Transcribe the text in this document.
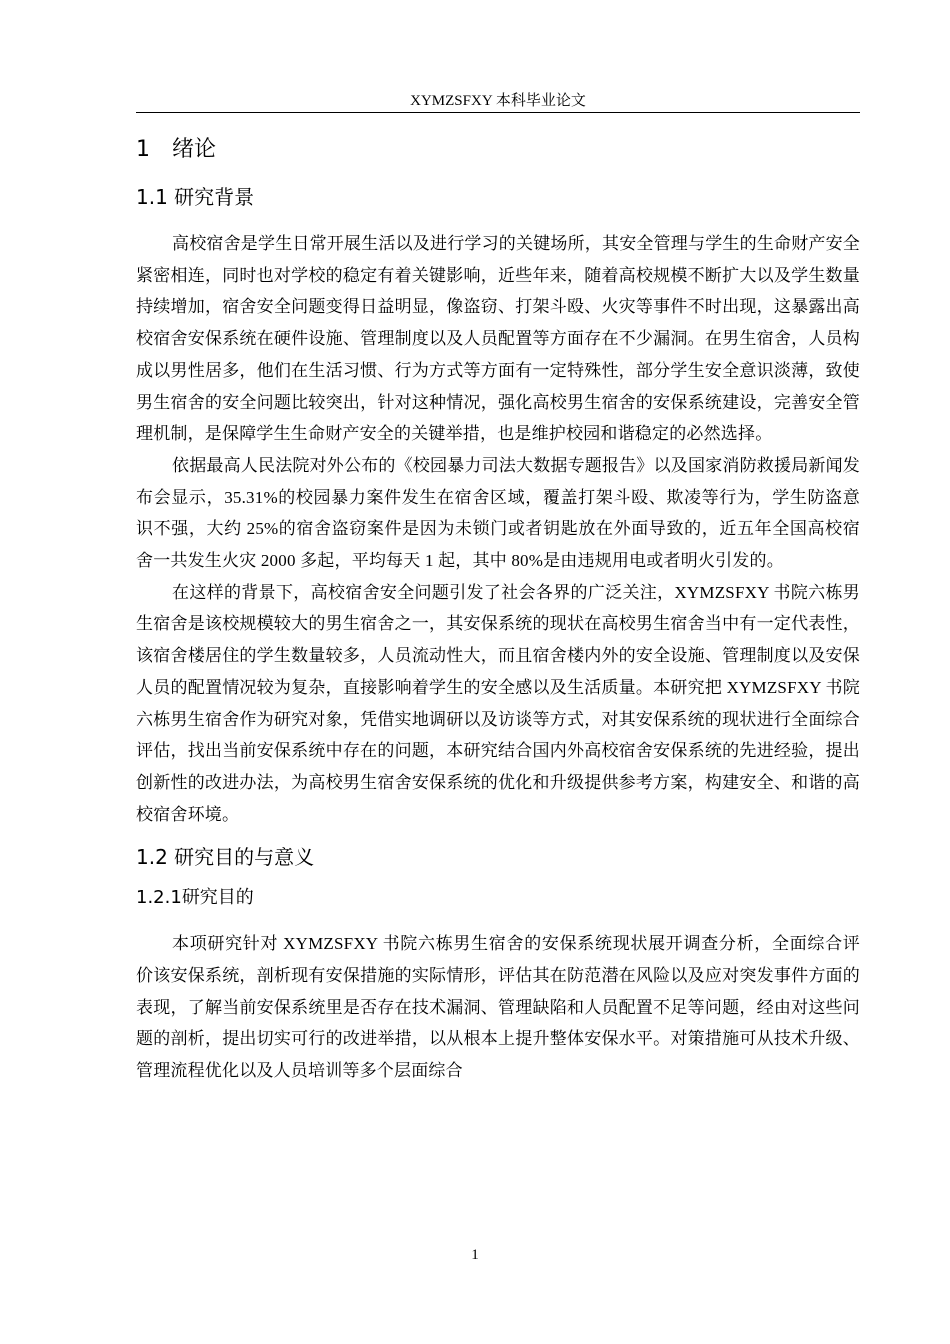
XYMZSFXY 本科毕业论文
1 绪论
1.1 研究背景

高校宿舍是学生日常开展生活以及进行学习的关键场所，其安全管理与学生的生命财产安全紧密相连，同时也对学校的稳定有着关键影响，近些年来，随着高校规模不断扩大以及学生数量持续增加，宿舍安全问题变得日益明显，像盗窃、打架斗殴、火灾等事件不时出现，这暴露出高校宿舍安保系统在硬件设施、管理制度以及人员配置等方面存在不少漏洞。在男生宿舍，人员构成以男性居多，他们在生活习惯、行为方式等方面有一定特殊性，部分学生安全意识淡薄，致使男生宿舍的安全问题比较突出，针对这种情况，强化高校男生宿舍的安保系统建设，完善安全管理机制，是保障学生生命财产安全的关键举措，也是维护校园和谐稳定的必然选择。

依据最高人民法院对外公布的《校园暴力司法大数据专题报告》以及国家消防救援局新闻发布会显示，35.31%的校园暴力案件发生在宿舍区域，覆盖打架斗殴、欺凌等行为，学生防盗意识不强，大约 25%的宿舍盗窃案件是因为未锁门或者钥匙放在外面导致的，近五年全国高校宿舍一共发生火灾 2000 多起，平均每天 1 起，其中 80%是由违规用电或者明火引发的。

在这样的背景下，高校宿舍安全问题引发了社会各界的广泛关注，XYMZSFXY 书院六栋男生宿舍是该校规模较大的男生宿舍之一，其安保系统的现状在高校男生宿舍当中有一定代表性，该宿舍楼居住的学生数量较多，人员流动性大，而且宿舍楼内外的安全设施、管理制度以及安保人员的配置情况较为复杂，直接影响着学生的安全感以及生活质量。本研究把 XYMZSFXY 书院六栋男生宿舍作为研究对象，凭借实地调研以及访谈等方式，对其安保系统的现状进行全面综合评估，找出当前安保系统中存在的问题，本研究结合国内外高校宿舍安保系统的先进经验，提出创新性的改进办法，为高校男生宿舍安保系统的优化和升级提供参考方案，构建安全、和谐的高校宿舍环境。

1.2 研究目的与意义
1.2.1研究目的

本项研究针对 XYMZSFXY 书院六栋男生宿舍的安保系统现状展开调查分析，全面综合评价该安保系统，剖析现有安保措施的实际情形，评估其在防范潜在风险以及应对突发事件方面的表现，了解当前安保系统里是否存在技术漏洞、管理缺陷和人员配置不足等问题，经由对这些问题的剖析，提出切实可行的改进举措，以从根本上提升整体安保水平。对策措施可从技术升级、管理流程优化以及人员培训等多个层面综合

1
